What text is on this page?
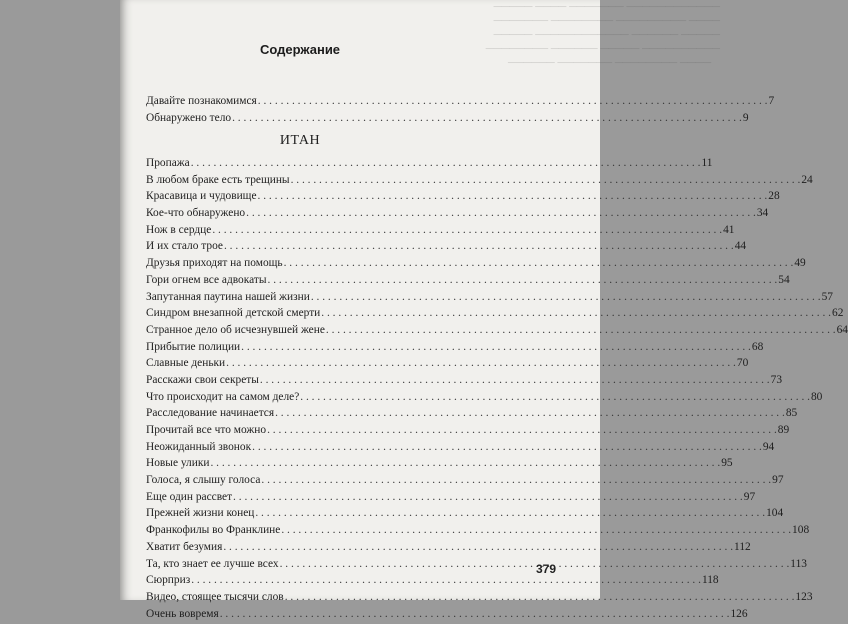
──────────── ─────── ──── ─────
──── ───────── ──────── ───────
───── ────── ──────────── ─────
────────── ───── ────── ────────
──── ──────── ─────── ──────
Содержание
Давайте познакомимся . . .	7
Обнаружено тело . . .	9
ИТАН
Пропажа . . .	11
В любом браке есть трещины . . .	24
Красавица и чудовище . . .	28
Кое-что обнаружено . . .	34
Нож в сердце . . .	41
И их стало трое . . .	44
Друзья приходят на помощь . . .	49
Гори огнем все адвокаты . . .	54
Запутанная паутина нашей жизни . . .	57
Синдром внезапной детской смерти . . .	62
Странное дело об исчезнувшей жене . . .	64
Прибытие полиции . . .	68
Славные деньки . . .	70
Расскажи свои секреты . . .	73
Что происходит на самом деле? . . .	80
Расследование начинается . . .	85
Прочитай все что можно . . .	89
Неожиданный звонок . . .	94
Новые улики . . .	95
Голоса, я слышу голоса . . .	97
Еще один рассвет . . .	97
Прежней жизни конец . . .	104
Франкофилы во Франклине . . .	108
Хватит безумия . . .	112
Та, кто знает ее лучше всех . . .	113
Сюрприз . . .	118
Видео, стоящее тысячи слов . . .	123
Очень вовремя . . .	126
379
